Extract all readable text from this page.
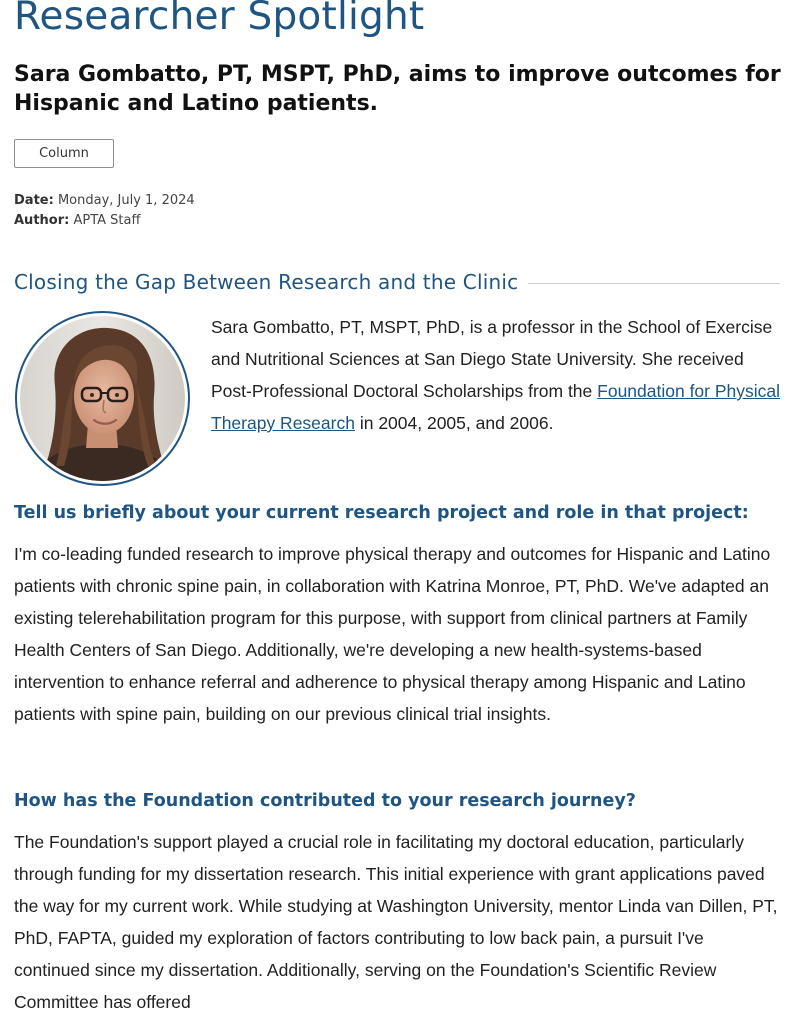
Researcher Spotlight
Sara Gombatto, PT, MSPT, PhD, aims to improve outcomes for Hispanic and Latino patients.
Column
Date: Monday, July 1, 2024
Author: APTA Staff
Closing the Gap Between Research and the Clinic

Sara Gombatto, PT, MSPT, PhD, is a professor in the School of Exercise and Nutritional Sciences at San Diego State University. She received Post-Professional Doctoral Scholarships from the Foundation for Physical Therapy Research in 2004, 2005, and 2006.

Tell us briefly about your current research project and role in that project:

I'm co-leading funded research to improve physical therapy and outcomes for Hispanic and Latino patients with chronic spine pain, in collaboration with Katrina Monroe, PT, PhD. We've adapted an existing telerehabilitation program for this purpose, with support from clinical partners at Family Health Centers of San Diego. Additionally, we're developing a new health-systems-based intervention to enhance referral and adherence to physical therapy among Hispanic and Latino patients with spine pain, building on our previous clinical trial insights.

How has the Foundation contributed to your research journey?

The Foundation's support played a crucial role in facilitating my doctoral education, particularly through funding for my dissertation research. This initial experience with grant applications paved the way for my current work. While studying at Washington University, mentor Linda van Dillen, PT, PhD, FAPTA, guided my exploration of factors contributing to low back pain, a pursuit I've continued since my dissertation. Additionally, serving on the Foundation's Scientific Review Committee has offered
